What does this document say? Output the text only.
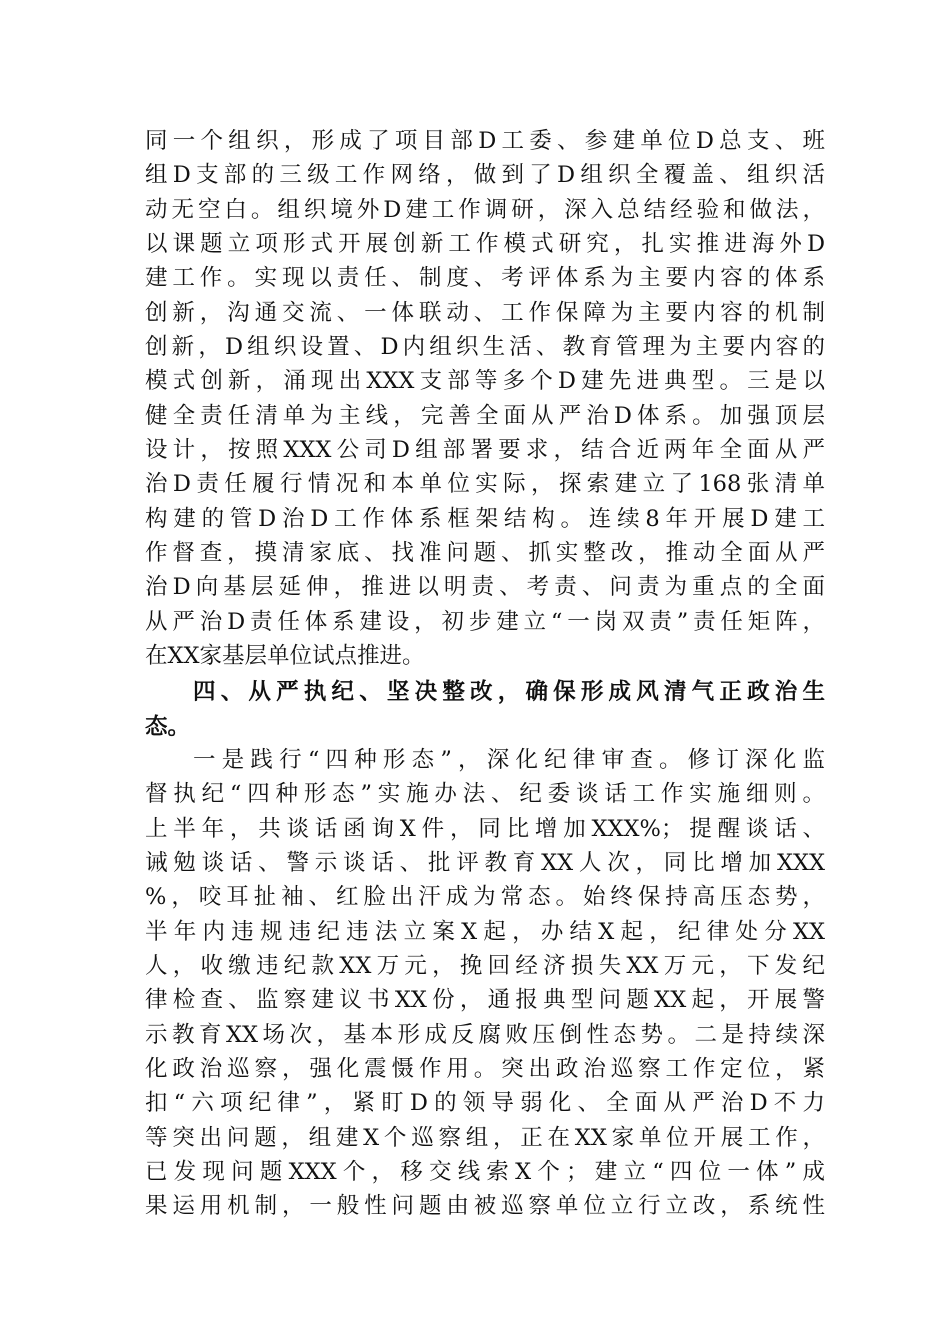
同一个组织，形成了项目部D工委、参建单位D总支、班
组D支部的三级工作网络，做到了D组织全覆盖、组织活
动无空白。组织境外D建工作调研，深入总结经验和做法，
以课题立项形式开展创新工作模式研究，扎实推进海外D
建工作。实现以责任、制度、考评体系为主要内容的体系
创新，沟通交流、一体联动、工作保障为主要内容的机制
创新，D组织设置、D内组织生活、教育管理为主要内容的
模式创新，涌现出XXX支部等多个D建先进典型。三是以
健全责任清单为主线，完善全面从严治D体系。加强顶层
设计，按照XXX公司D组部署要求，结合近两年全面从严
治D责任履行情况和本单位实际，探索建立了168张清单
构建的管D治D工作体系框架结构。连续8年开展D建工
作督查，摸清家底、找准问题、抓实整改，推动全面从严
治D向基层延伸，推进以明责、考责、问责为重点的全面
从严治D责任体系建设，初步建立“一岗双责”责任矩阵，
在XX家基层单位试点推进。
四、从严执纪、坚决整改，确保形成风清气正政治生
态。
一是践行“四种形态”，深化纪律审查。修订深化监
督执纪“四种形态”实施办法、纪委谈话工作实施细则。
上半年，共谈话函询X件，同比增加XXX%；提醒谈话、
诫勉谈话、警示谈话、批评教育XX人次，同比增加XXX
%，咬耳扯袖、红脸出汗成为常态。始终保持高压态势，
半年内违规违纪违法立案X起，办结X起，纪律处分XX
人，收缴违纪款XX万元，挽回经济损失XX万元，下发纪
律检查、监察建议书XX份，通报典型问题XX起，开展警
示教育XX场次，基本形成反腐败压倒性态势。二是持续深
化政治巡察，强化震慑作用。突出政治巡察工作定位，紧
扣“六项纪律”，紧盯D的领导弱化、全面从严治D不力
等突出问题，组建X个巡察组，正在XX家单位开展工作，
已发现问题XXX个，移交线索X个；建立“四位一体”成
果运用机制，一般性问题由被巡察单位立行立改，系统性
